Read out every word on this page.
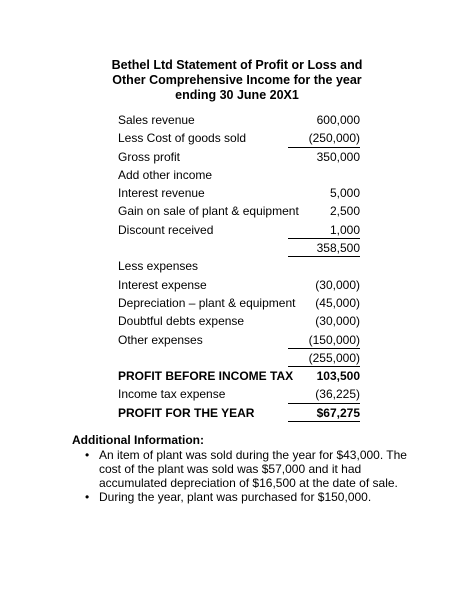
Bethel Ltd Statement of Profit or Loss and
Other Comprehensive Income for the year
ending 30 June 20X1
Sales revenue	600,000
Less Cost of goods sold	(250,000)
Gross profit	350,000
Add other income
Interest revenue	5,000
Gain on sale of plant & equipment	2,500
Discount received	1,000
358,500
Less expenses
Interest expense	(30,000)
Depreciation – plant & equipment	(45,000)
Doubtful debts expense	(30,000)
Other expenses	(150,000)
(255,000)
PROFIT BEFORE INCOME TAX	103,500
Income tax expense	(36,225)
PROFIT FOR THE YEAR	$67,275
Additional Information:
• An item of plant was sold during the year for $43,000. The cost of the plant was sold was $57,000 and it had accumulated depreciation of $16,500 at the date of sale.
• During the year, plant was purchased for $150,000.
